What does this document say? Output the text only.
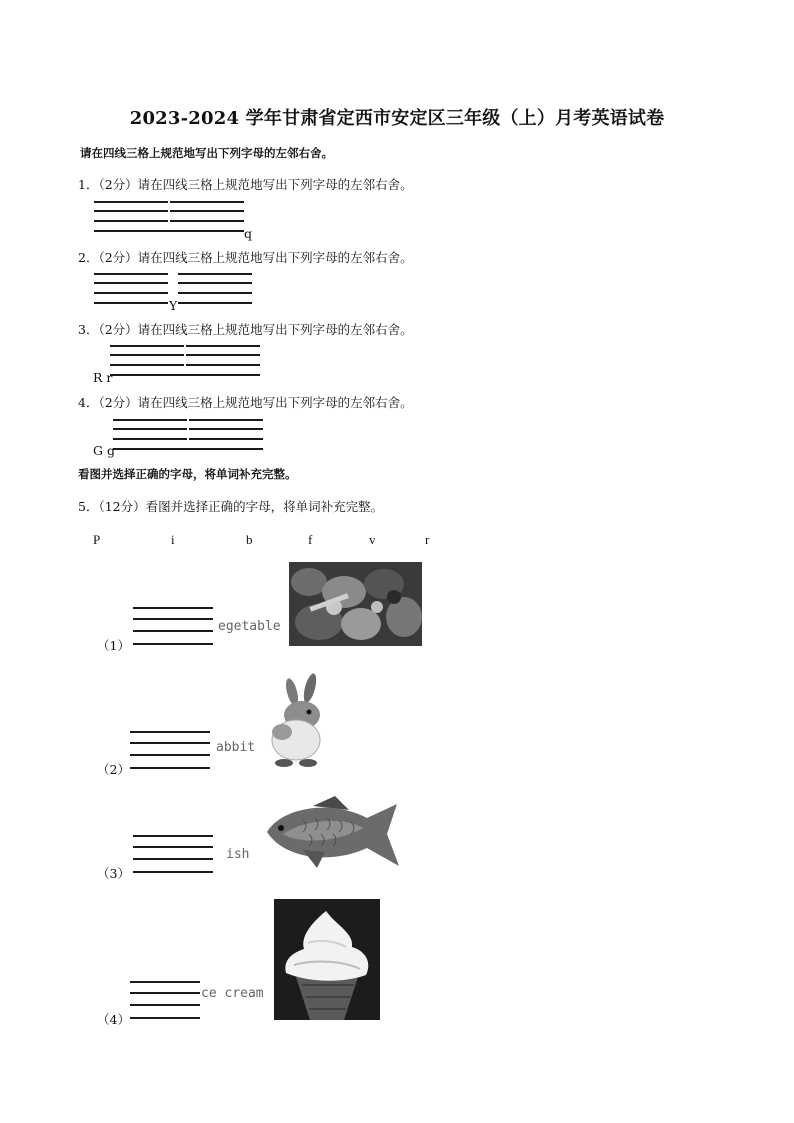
2023-2024 学年甘肃省定西市安定区三年级（上）月考英语试卷
请在四线三格上规范地写出下列字母的左邻右舍。
1．（2分）请在四线三格上规范地写出下列字母的左邻右舍。
q
2．（2分）请在四线三格上规范地写出下列字母的左邻右舍。
Y
3．（2分）请在四线三格上规范地写出下列字母的左邻右舍。
R r
4．（2分）请在四线三格上规范地写出下列字母的左邻右舍。
G g
看图并选择正确的字母，将单词补充完整。
5．（12分）看图并选择正确的字母，将单词补充完整。
P	i	b	f	v	r
egetable
（1）
abbit
（2）
ish
（3）
ce cream
（4）
